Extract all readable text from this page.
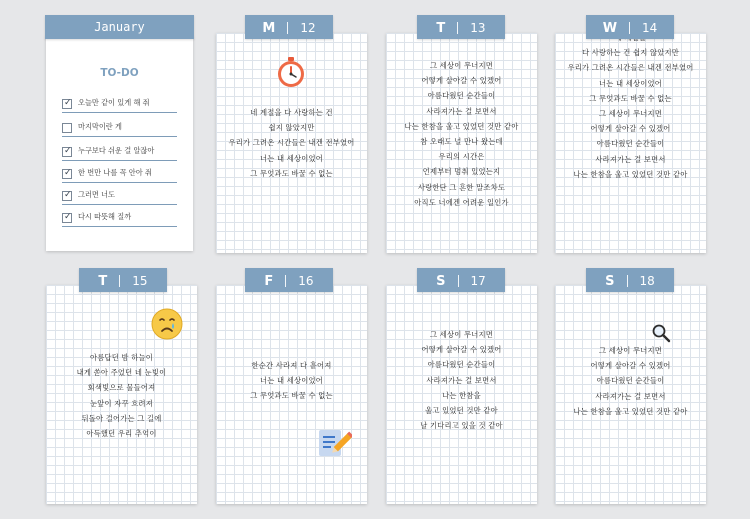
January
TO-DO
✓ 오늘만 같이 있게 해 줘
마지막이란 게
✓ 누구보다 쉬운 걸 알잖아
✓ 한 번만 나를 꼭 안아 줘
✓ 그러면 너도
✓ 다시 따뜻해 질까
네 계절을 다 사랑하는 건
쉽지 않았지만
우리가 그려온 시간들은 내겐 전부였어
너는 내 세상이었어
그 무엇과도 바꿀 수 없는
M 12
그 세상이 무너지면
어떻게 살아갈 수 있겠어
아름다웠던 순간들이
사라져가는 걸 보면서
나는 한참을 울고 있었던 것만 같아
참 오래도 널 만나 왔는데
우리의 시간은
언제부터 멈춰 있었는지
사랑한단 그 흔한 말조차도
아직도 너에겐 어려운 일인가
T 13
다 사랑하는 건 쉽지 않았지만
우리가 그려온 시간들은 내겐 전부였어
너는 내 세상이었어
그 무엇과도 바꿀 수 없는
그 세상이 무너지면
어떻게 살아갈 수 있겠어
아름다웠던 순간들이
사라져가는 걸 보면서
나는 한참을 울고 있었던 것만 같아
W 14
아름답던 밤 하늘이
내게 쏟아 주었던 네 눈빛이
회색빛으로 물들어져
눈앞이 자꾸 흐려져
뒤돌아 걸어가는 그 길에
아득했던 우리 추억이
T 15
한순간 사라져 다 흩어져
너는 내 세상이었어
그 무엇과도 바꿀 수 없는
F 16
그 세상이 무너지면
어떻게 살아갈 수 있겠어
아름다웠던 순간들이
사라져가는 걸 보면서
나는 한참을
울고 있었던 것만 같아
날 기다리고 있을 것 같아
S 17
그 세상이 무너지면
어떻게 살아갈 수 있겠어
아름다웠던 순간들이
사라져가는 걸 보면서
나는 한참을 울고 있었던 것만 같아
S 18
